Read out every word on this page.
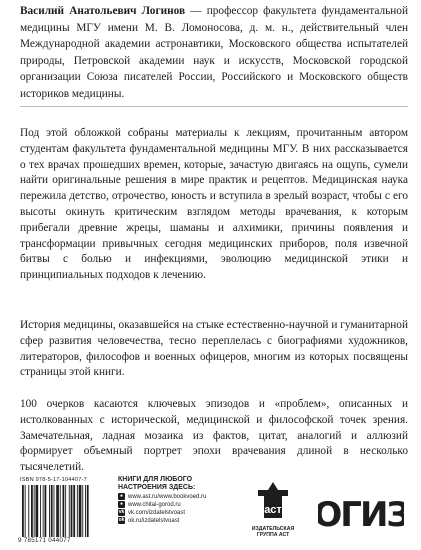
Василий Анатольевич Логинов — профессор факультета фундаментальной медицины МГУ имени М. В. Ломоносова, д. м. н., действительный член Международной академии астронавтики, Московского общества испытателей природы, Петровской академии наук и искусств, Московской городской организации Союза писателей России, Российского и Московского обществ историков медицины.

Под этой обложкой собраны материалы к лекциям, прочитанным автором студентам факультета фундаментальной медицины МГУ. В них рассказывается о тех врачах прошедших времен, которые, зачастую двигаясь на ощупь, сумели найти оригинальные решения в мире практик и рецептов. Медицинская наука пережила детство, отрочество, юность и вступила в зрелый возраст, чтобы с его высоты окинуть критическим взглядом методы врачевания, к которым прибегали древние жрецы, шаманы и алхимики, причины появления и трансформации привычных сегодня медицинских приборов, поля извечной битвы с болью и инфекциями, эволюцию медицинской этики и принципиальных подходов к лечению.

История медицины, оказавшейся на стыке естественно-научной и гуманитарной сфер развития человечества, тесно переплелась с биографиями художников, литераторов, философов и военных офицеров, многим из которых посвящены страницы этой книги.

100 очерков касаются ключевых эпизодов и «проблем», описанных и истолкованных с исторической, медицинской и философской точек зрения. Замечательная, ладная мозаика из фактов, цитат, аналогий и аллюзий формирует объемный портрет эпохи врачевания длиной в несколько тысячелетий.

ISBN 978-5-17-104407-7
9 785171 044077

КНИГИ ДЛЯ ЛЮБОГО
НАСТРОЕНИЯ ЗДЕСЬ:

● www.ast.ru/www.bookvoed.ru
● www.chitai-gorod.ru
vk vk.com/izdatelstvoast
ok ok.ru/izdatelstvoast
аст
ИЗДАТЕЛЬСКАЯ
ГРУППА АСТ
ОГИЗ
